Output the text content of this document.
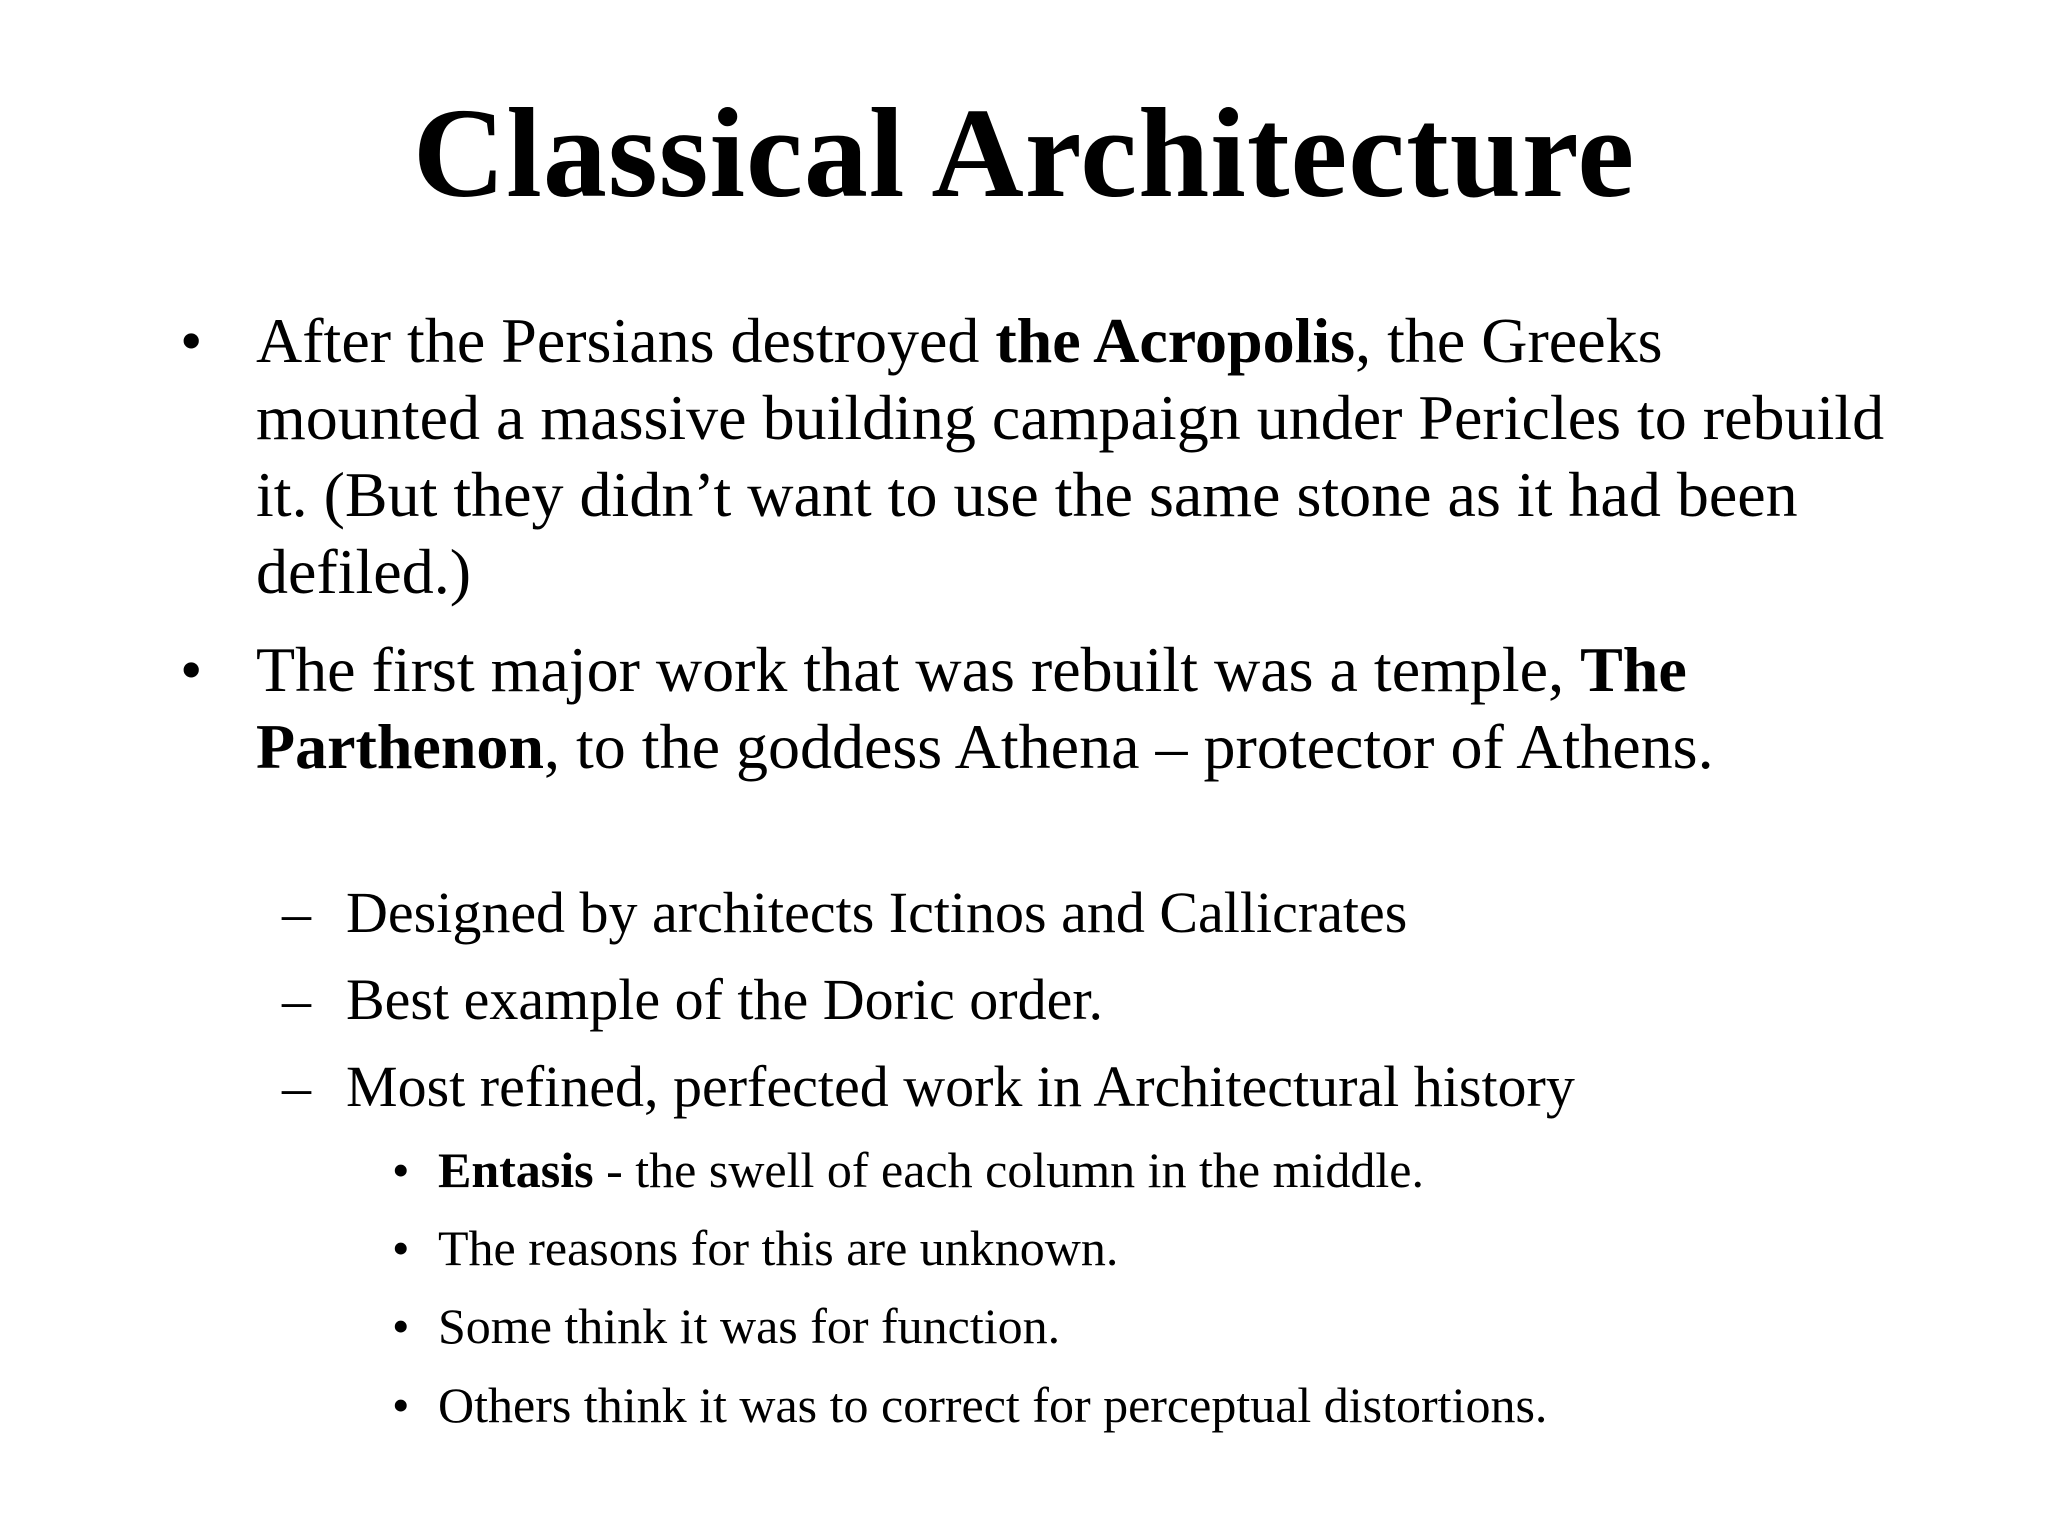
Classical Architecture
• After the Persians destroyed the Acropolis, the Greeks mounted a massive building campaign under Pericles to rebuild it. (But they didn’t want to use the same stone as it had been defiled.)
• The first major work that was rebuilt was a temple, The Parthenon, to the goddess Athena – protector of Athens.
– Designed by architects Ictinos and Callicrates
– Best example of the Doric order.
– Most refined, perfected work in Architectural history
• Entasis - the swell of each column in the middle.
• The reasons for this are unknown.
• Some think it was for function.
• Others think it was to correct for perceptual distortions.
